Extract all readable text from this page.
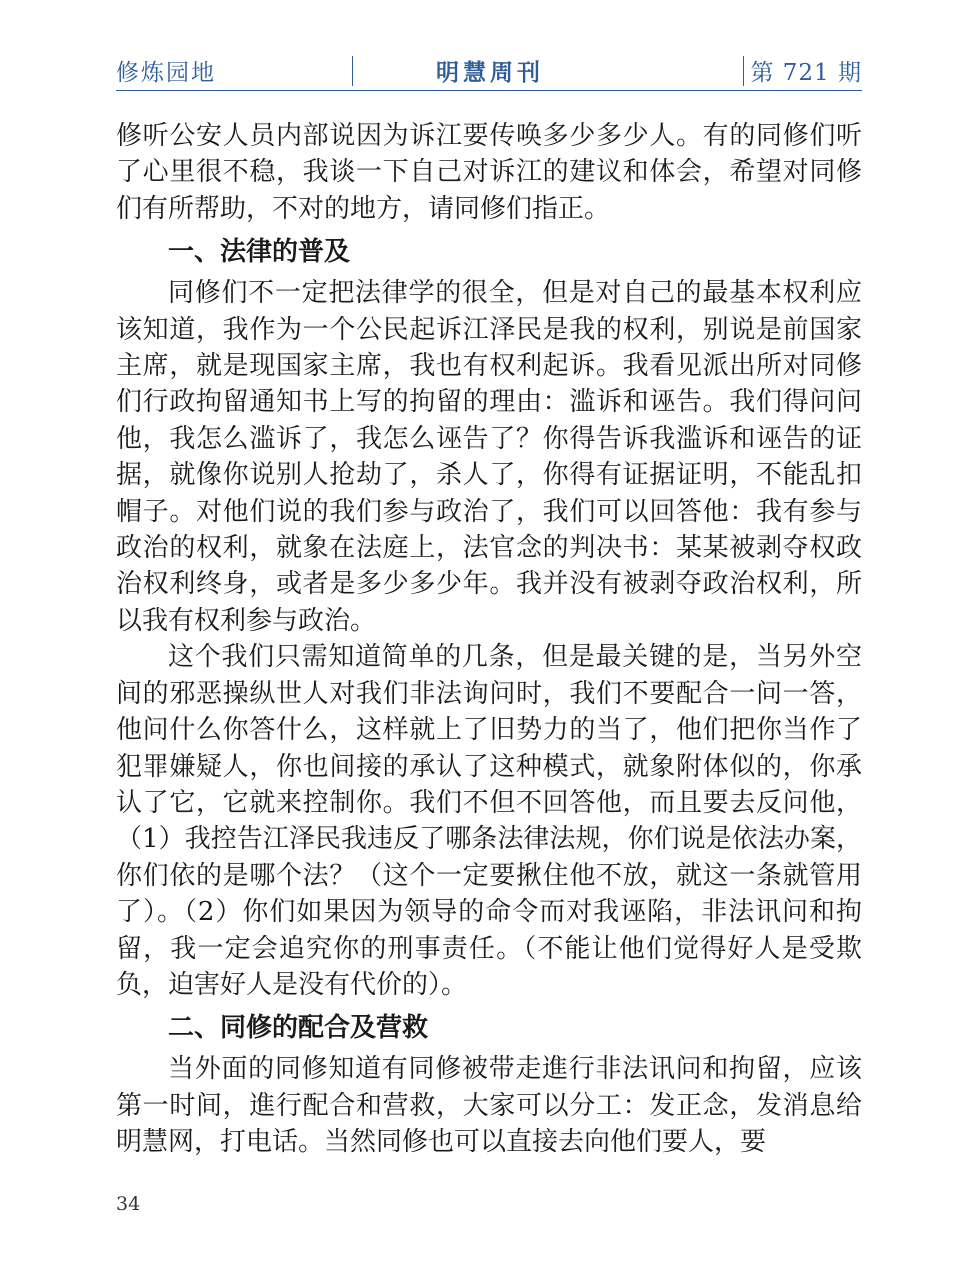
修炼园地	明慧周刊	第 721 期

修听公安人员内部说因为诉江要传唤多少多少人。有的同修们听了心里很不稳，我谈一下自己对诉江的建议和体会，希望对同修们有所帮助，不对的地方，请同修们指正。

一、法律的普及

同修们不一定把法律学的很全，但是对自己的最基本权利应该知道，我作为一个公民起诉江泽民是我的权利，别说是前国家主席，就是现国家主席，我也有权利起诉。我看见派出所对同修们行政拘留通知书上写的拘留的理由：滥诉和诬告。我们得问问他，我怎么滥诉了，我怎么诬告了？你得告诉我滥诉和诬告的证据，就像你说别人抢劫了，杀人了，你得有证据证明，不能乱扣帽子。对他们说的我们参与政治了，我们可以回答他：我有参与政治的权利，就象在法庭上，法官念的判决书：某某被剥夺权政治权利终身，或者是多少多少年。我并没有被剥夺政治权利，所以我有权利参与政治。

这个我们只需知道简单的几条，但是最关键的是，当另外空间的邪恶操纵世人对我们非法询问时，我们不要配合一问一答，他问什么你答什么，这样就上了旧势力的当了，他们把你当作了犯罪嫌疑人，你也间接的承认了这种模式，就象附体似的，你承认了它，它就来控制你。我们不但不回答他，而且要去反问他，（1）我控告江泽民我违反了哪条法律法规，你们说是依法办案，你们依的是哪个法？（这个一定要揪住他不放，就这一条就管用了）。（2）你们如果因为领导的命令而对我诬陷，非法讯问和拘留，我一定会追究你的刑事责任。（不能让他们觉得好人是受欺负，迫害好人是没有代价的）。

二、同修的配合及营救

当外面的同修知道有同修被带走進行非法讯问和拘留，应该第一时间，進行配合和营救，大家可以分工：发正念，发消息给明慧网，打电话。当然同修也可以直接去向他们要人，要

34
